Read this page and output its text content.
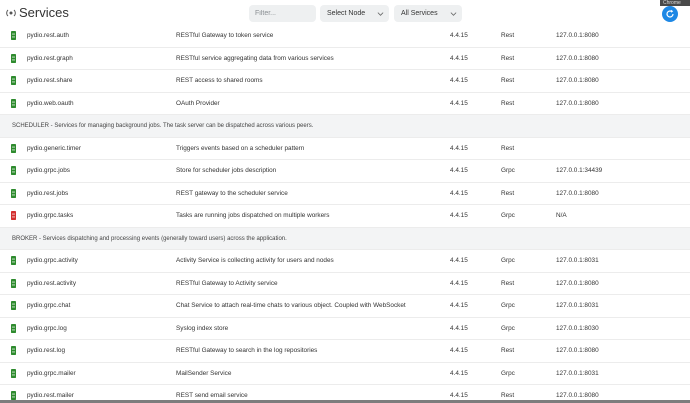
Services
Filter...	Select Node	All Services
Chrome
pydio.rest.auth	RESTful Gateway to token service	4.4.15	Rest	127.0.0.1:8080
pydio.rest.graph	RESTful service aggregating data from various services	4.4.15	Rest	127.0.0.1:8080
pydio.rest.share	REST access to shared rooms	4.4.15	Rest	127.0.0.1:8080
pydio.web.oauth	OAuth Provider	4.4.15	Rest	127.0.0.1:8080
SCHEDULER - Services for managing background jobs. The task server can be dispatched across various peers.
pydio.generic.timer	Triggers events based on a scheduler pattern	4.4.15	Rest
pydio.grpc.jobs	Store for scheduler jobs description	4.4.15	Grpc	127.0.0.1:34439
pydio.rest.jobs	REST gateway to the scheduler service	4.4.15	Rest	127.0.0.1:8080
pydio.grpc.tasks	Tasks are running jobs dispatched on multiple workers	4.4.15	Grpc	N/A
BROKER - Services dispatching and processing events (generally toward users) across the application.
pydio.grpc.activity	Activity Service is collecting activity for users and nodes	4.4.15	Grpc	127.0.0.1:8031
pydio.rest.activity	RESTful Gateway to Activity service	4.4.15	Rest	127.0.0.1:8080
pydio.grpc.chat	Chat Service to attach real-time chats to various object. Coupled with WebSocket	4.4.15	Grpc	127.0.0.1:8031
pydio.grpc.log	Syslog index store	4.4.15	Grpc	127.0.0.1:8030
pydio.rest.log	RESTful Gateway to search in the log repositories	4.4.15	Rest	127.0.0.1:8080
pydio.grpc.mailer	MailSender Service	4.4.15	Grpc	127.0.0.1:8031
pydio.rest.mailer	REST send email service	4.4.15	Rest	127.0.0.1:8080
